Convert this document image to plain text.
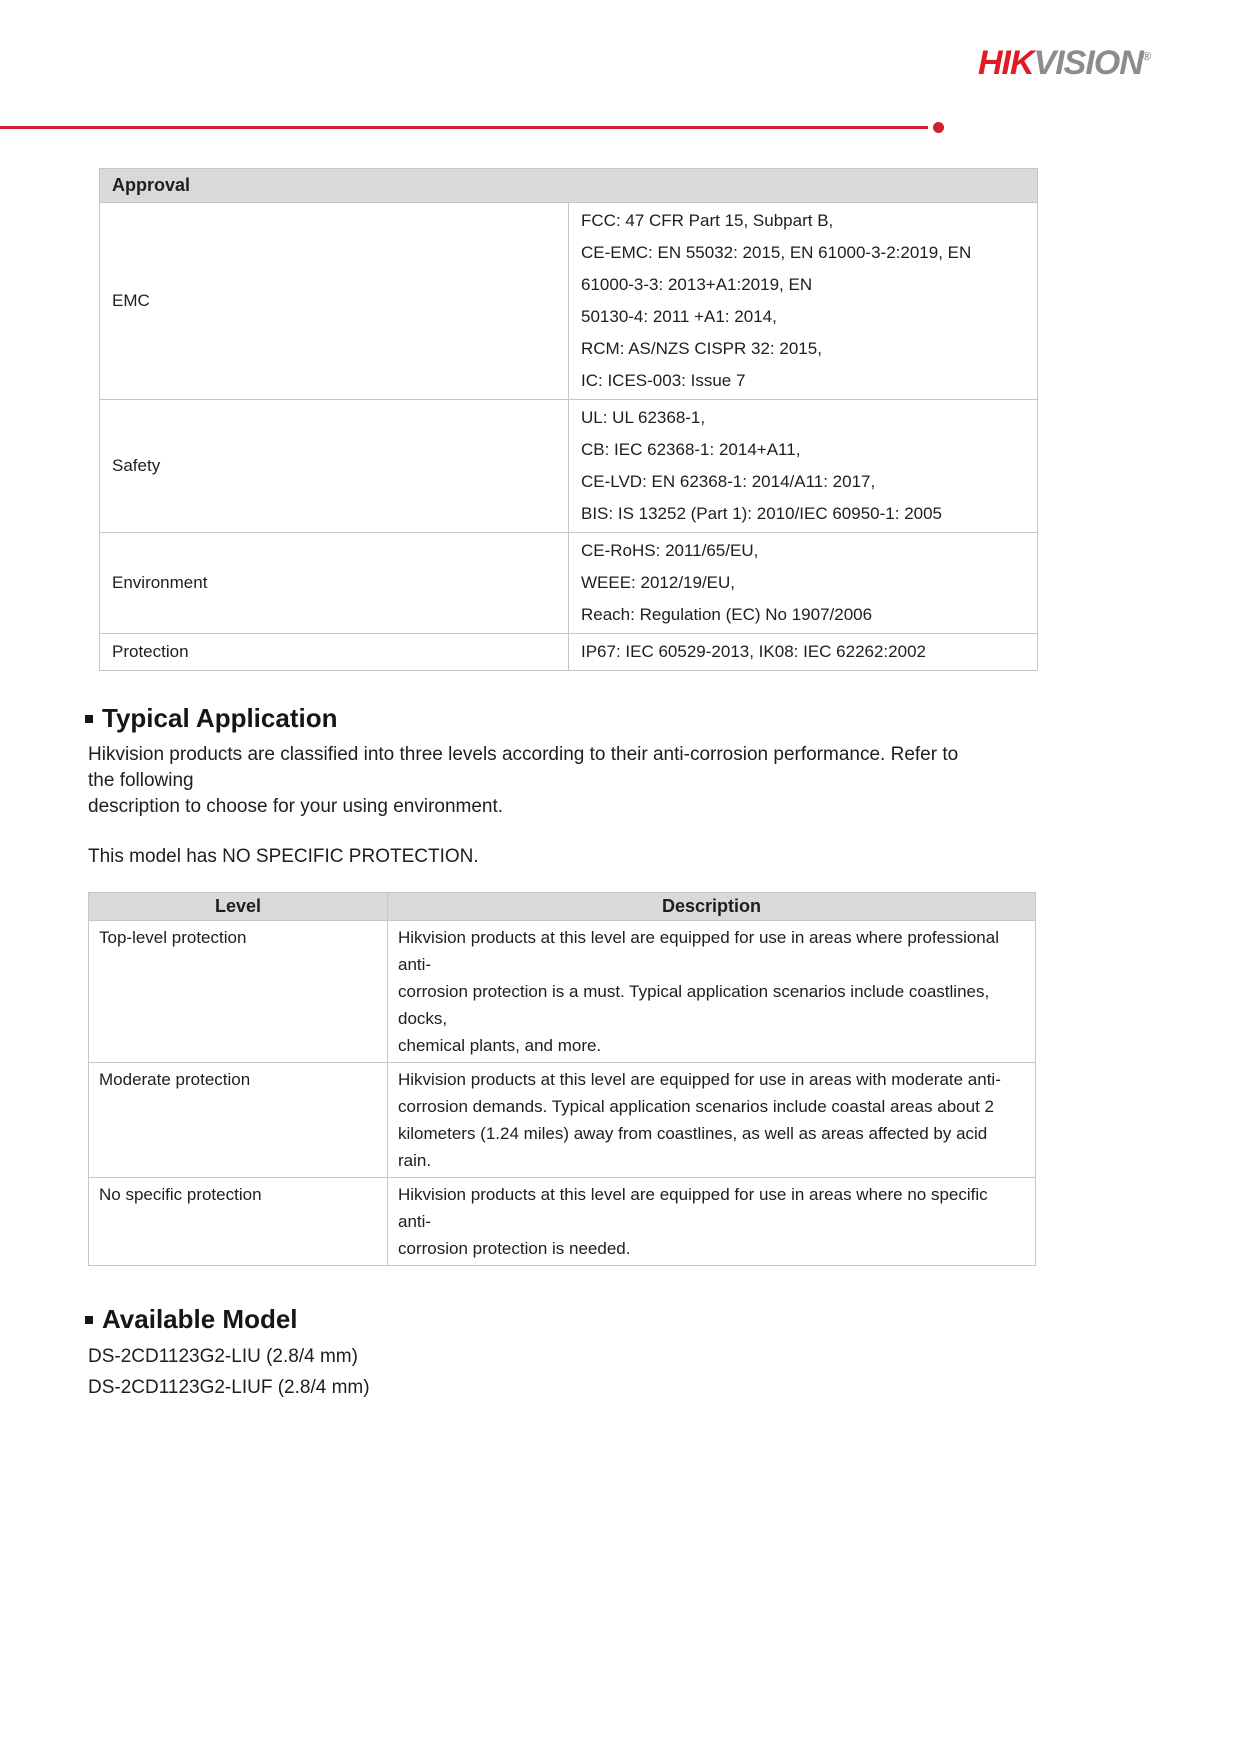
HIKVISION®
Approval	
EMC	FCC: 47 CFR Part 15, Subpart B,
CE-EMC: EN 55032: 2015, EN 61000-3-2:2019, EN 61000-3-3: 2013+A1:2019, EN
50130-4: 2011 +A1: 2014,
RCM: AS/NZS CISPR 32: 2015,
IC: ICES-003: Issue 7

Safety	UL: UL 62368-1,
CB: IEC 62368-1: 2014+A11,
CE-LVD: EN 62368-1: 2014/A11: 2017,
BIS: IS 13252 (Part 1): 2010/IEC 60950-1: 2005

Environment	CE-RoHS: 2011/65/EU,
WEEE: 2012/19/EU,
Reach: Regulation (EC) No 1907/2006

Protection	IP67: IEC 60529-2013, IK08: IEC 62262:2002
Typical Application
Hikvision products are classified into three levels according to their anti-corrosion performance. Refer to the following
description to choose for your using environment.
This model has NO SPECIFIC PROTECTION.
Level	Description
Top-level protection	Hikvision products at this level are equipped for use in areas where professional anti-
corrosion protection is a must. Typical application scenarios include coastlines, docks,
chemical plants, and more.

Moderate protection	Hikvision products at this level are equipped for use in areas with moderate anti-
corrosion demands. Typical application scenarios include coastal areas about 2
kilometers (1.24 miles) away from coastlines, as well as areas affected by acid rain.

No specific protection	Hikvision products at this level are equipped for use in areas where no specific anti-
corrosion protection is needed.
Available Model
DS-2CD1123G2-LIU (2.8/4 mm)
DS-2CD1123G2-LIUF (2.8/4 mm)
